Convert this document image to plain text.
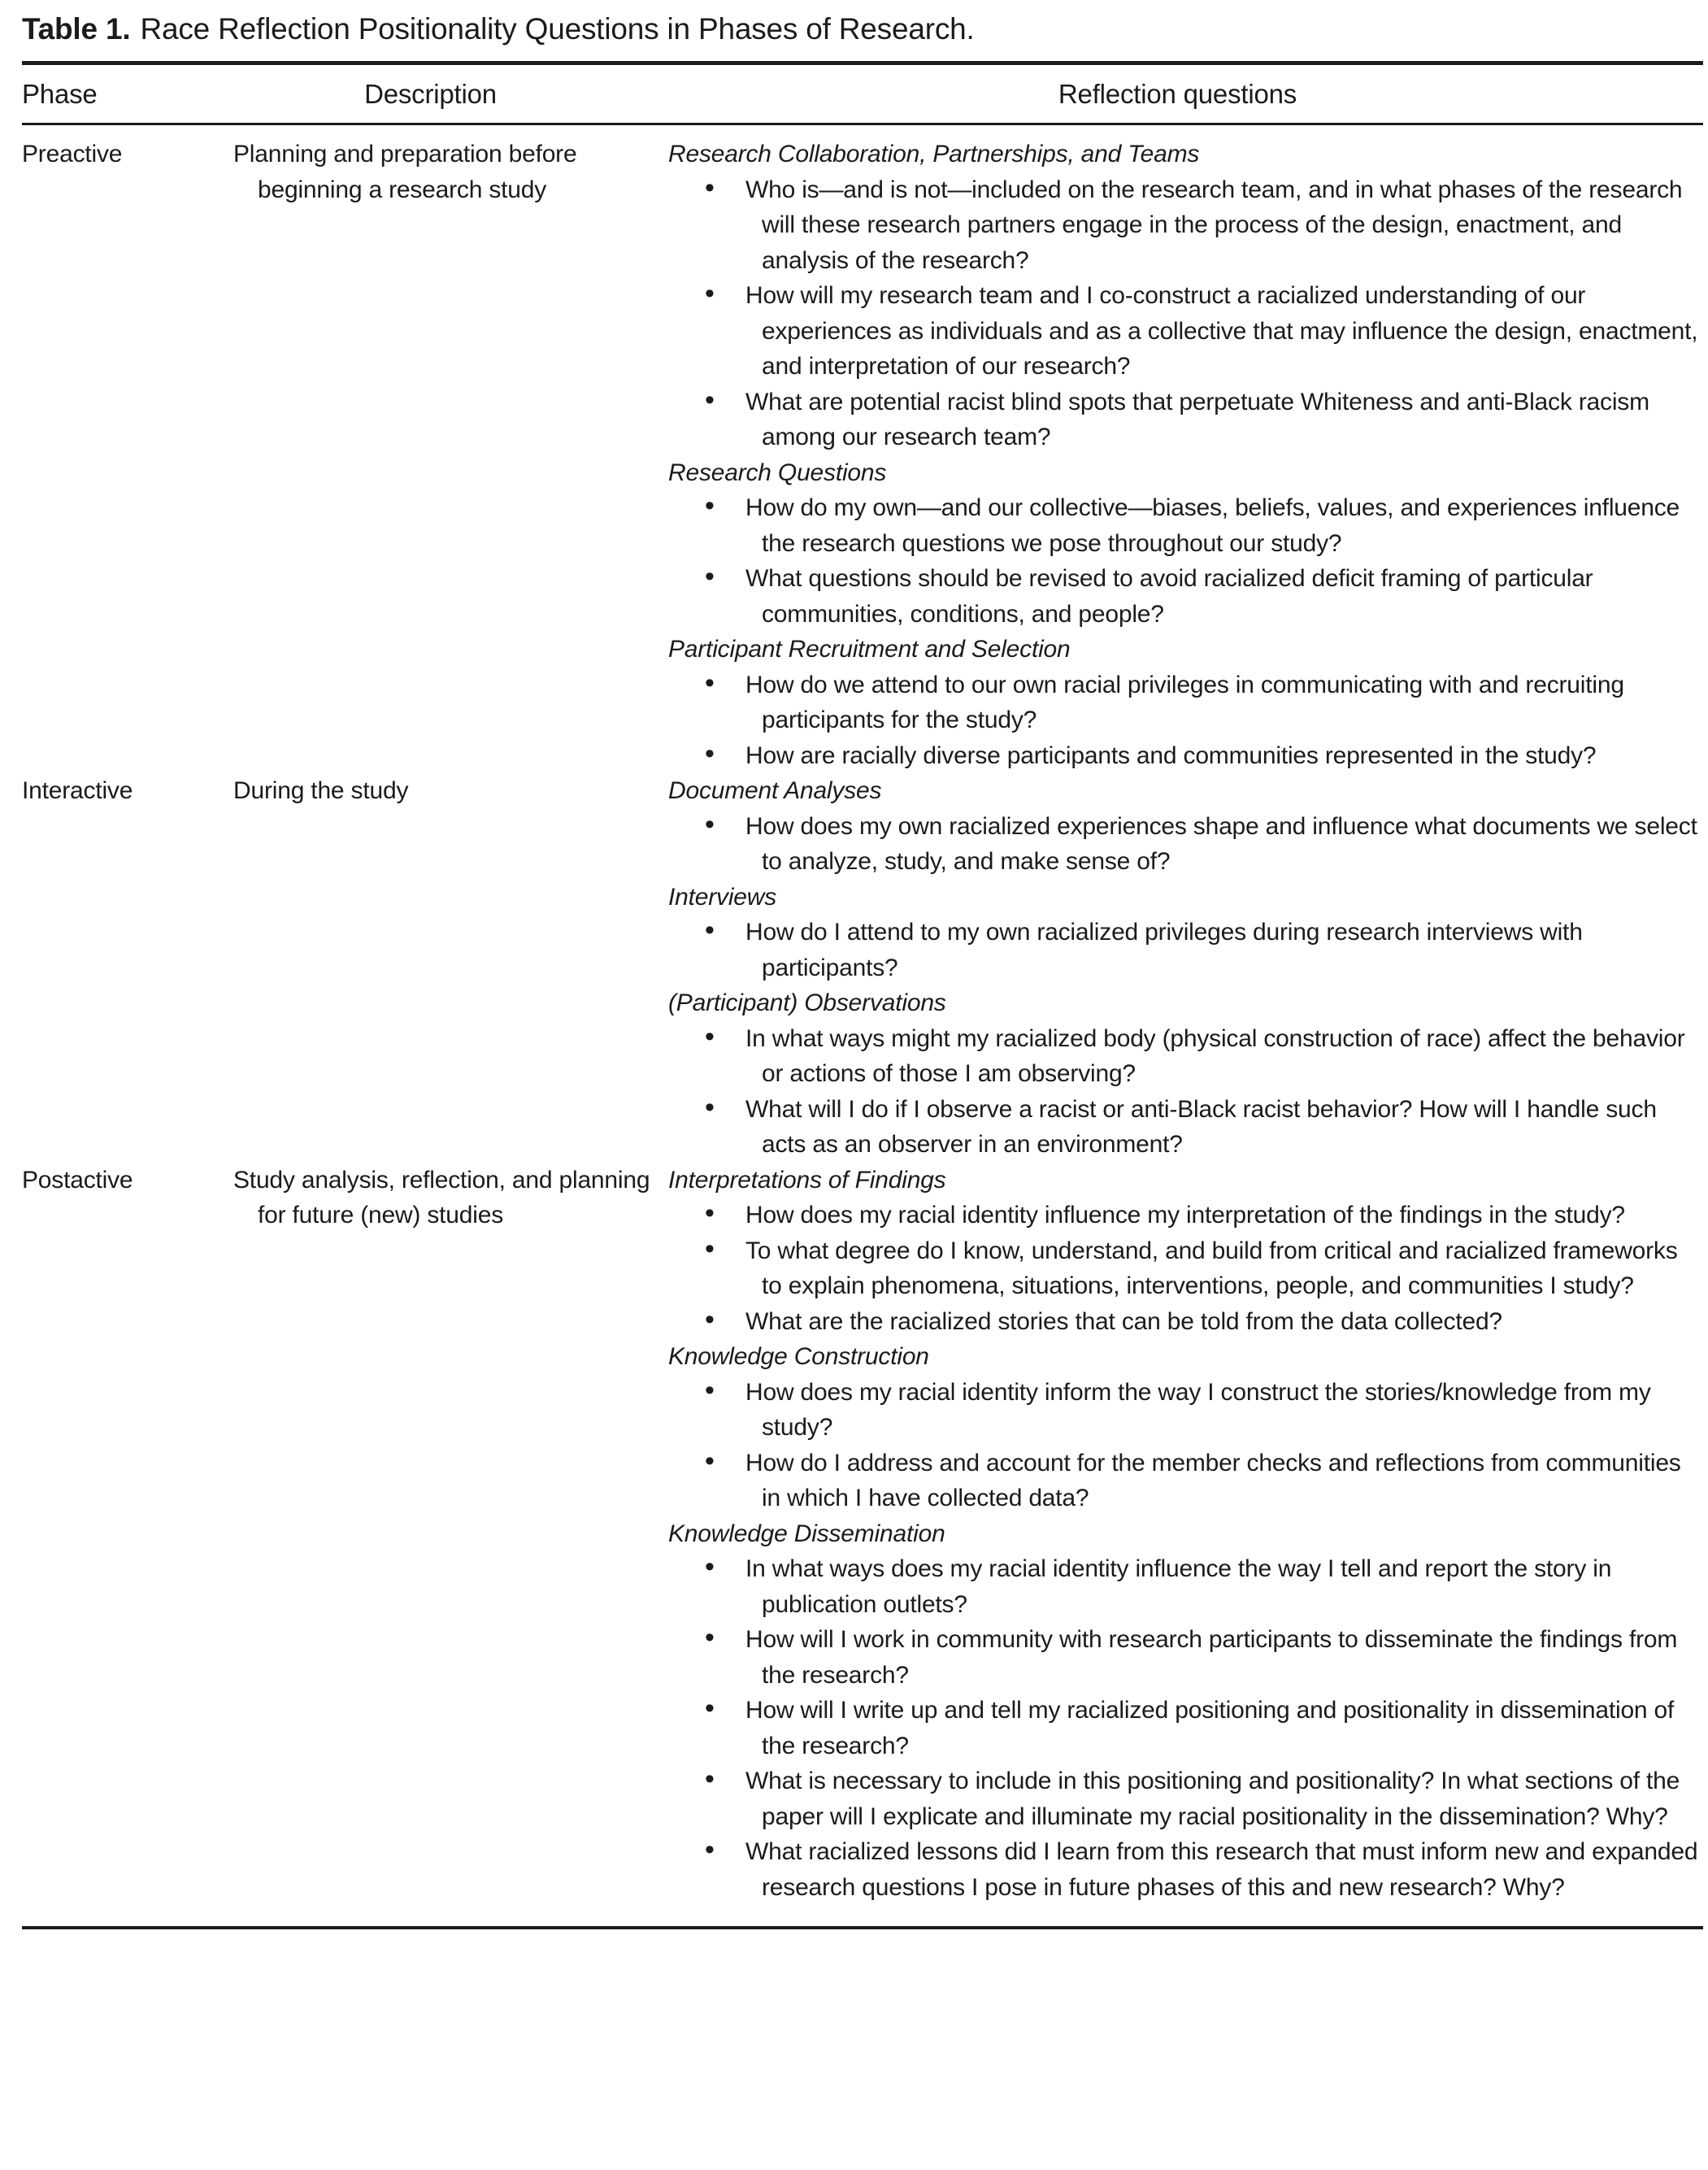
Table 1. Race Reflection Positionality Questions in Phases of Research.

Phase	Description	Reflection questions

Preactive	Planning and preparation before beginning a research study

Research Collaboration, Partnerships, and Teams
• Who is—and is not—included on the research team, and in what phases of the research will these research partners engage in the process of the design, enactment, and analysis of the research?
• How will my research team and I co-construct a racialized understanding of our experiences as individuals and as a collective that may influence the design, enactment, and interpretation of our research?
• What are potential racist blind spots that perpetuate Whiteness and anti-Black racism among our research team?
Research Questions
• How do my own—and our collective—biases, beliefs, values, and experiences influence the research questions we pose throughout our study?
• What questions should be revised to avoid racialized deficit framing of particular communities, conditions, and people?
Participant Recruitment and Selection
• How do we attend to our own racial privileges in communicating with and recruiting participants for the study?
• How are racially diverse participants and communities represented in the study?

Interactive	During the study	Document Analyses
• How does my own racialized experiences shape and influence what documents we select to analyze, study, and make sense of?
Interviews
• How do I attend to my own racialized privileges during research interviews with participants?
(Participant) Observations
• In what ways might my racialized body (physical construction of race) affect the behavior or actions of those I am observing?
• What will I do if I observe a racist or anti-Black racist behavior? How will I handle such acts as an observer in an environment?

Postactive	Study analysis, reflection, and planning for future (new) studies

Interpretations of Findings
• How does my racial identity influence my interpretation of the findings in the study?
• To what degree do I know, understand, and build from critical and racialized frameworks to explain phenomena, situations, interventions, people, and communities I study?
• What are the racialized stories that can be told from the data collected?
Knowledge Construction
• How does my racial identity inform the way I construct the stories/knowledge from my study?
• How do I address and account for the member checks and reflections from communities in which I have collected data?
Knowledge Dissemination
• In what ways does my racial identity influence the way I tell and report the story in publication outlets?
• How will I work in community with research participants to disseminate the findings from the research?
• How will I write up and tell my racialized positioning and positionality in dissemination of the research?
• What is necessary to include in this positioning and positionality? In what sections of the paper will I explicate and illuminate my racial positionality in the dissemination? Why?
• What racialized lessons did I learn from this research that must inform new and expanded research questions I pose in future phases of this and new research? Why?
